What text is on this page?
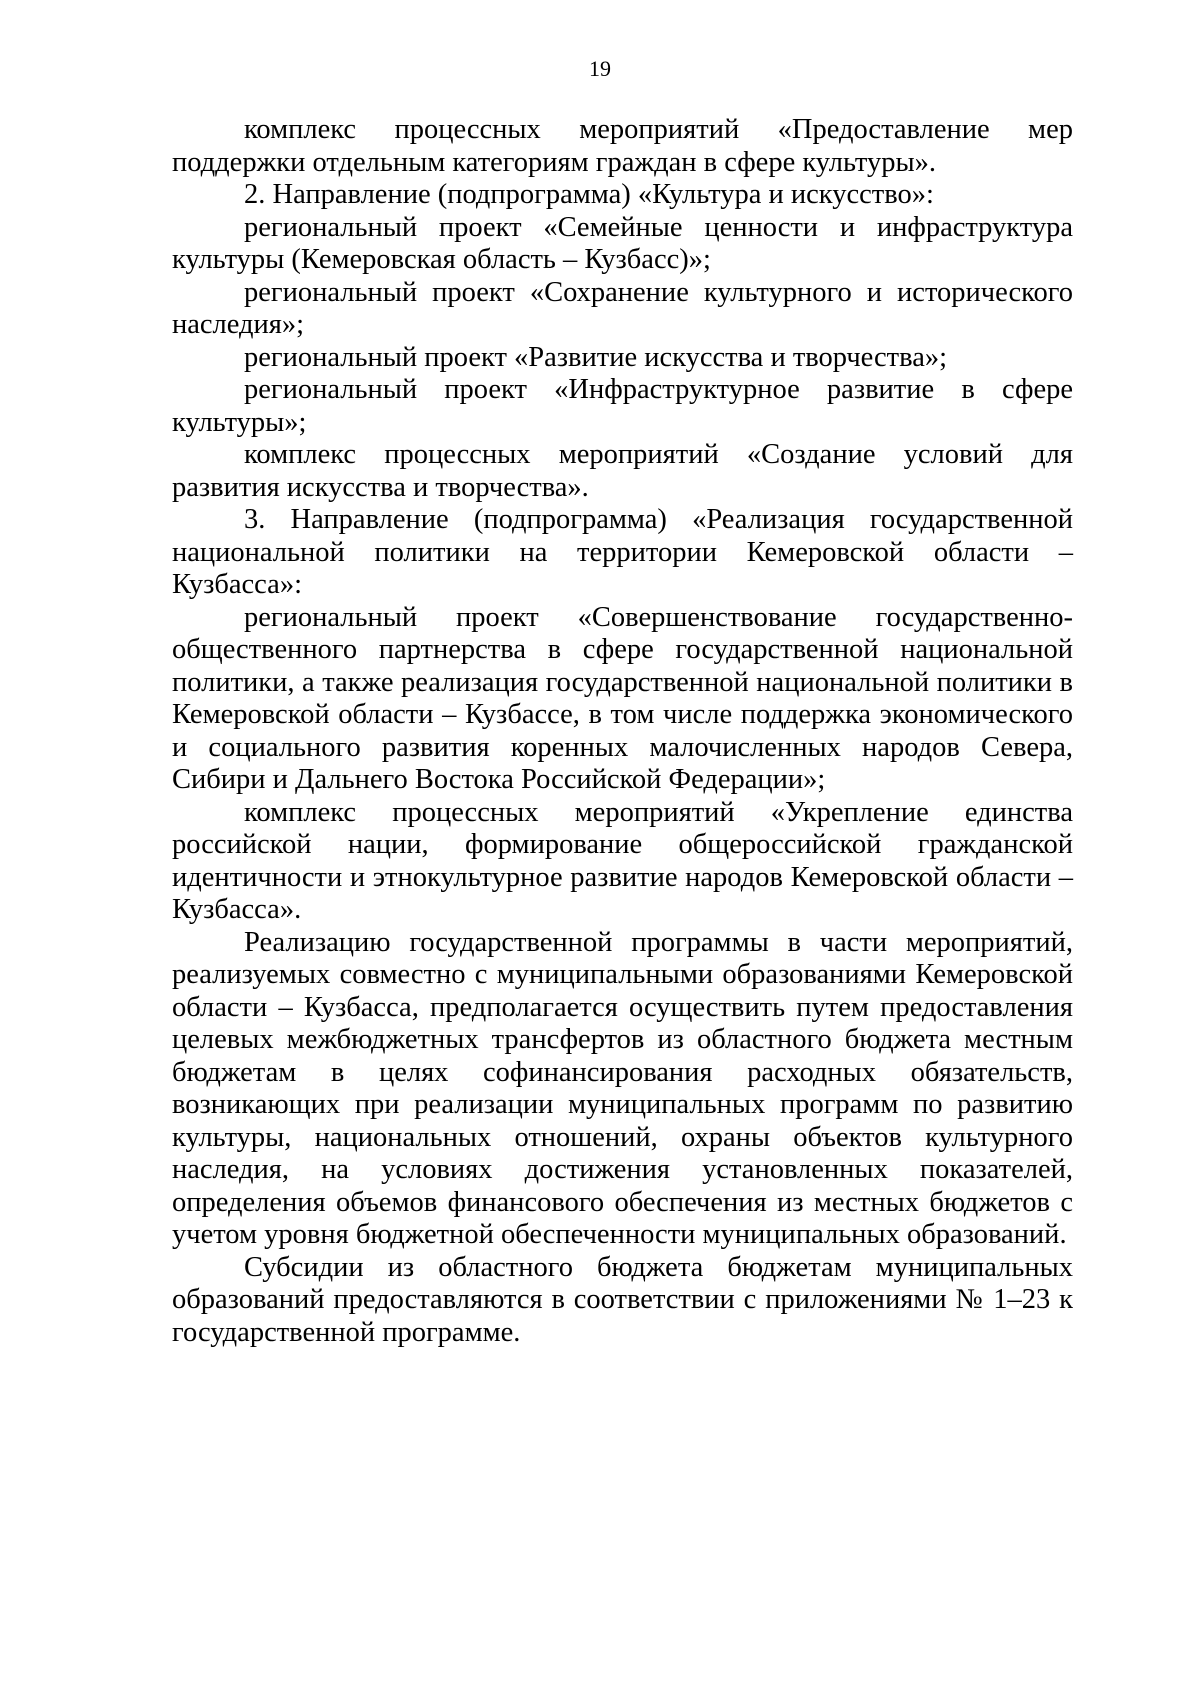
19

комплекс процессных мероприятий «Предоставление мер поддержки отдельным категориям граждан в сфере культуры».

2. Направление (подпрограмма) «Культура и искусство»:

региональный проект «Семейные ценности и инфраструктура культуры (Кемеровская область – Кузбасс)»;

региональный проект «Сохранение культурного и исторического наследия»;

региональный проект «Развитие искусства и творчества»;

региональный проект «Инфраструктурное развитие в сфере культуры»;

комплекс процессных мероприятий «Создание условий для развития искусства и творчества».

3. Направление (подпрограмма) «Реализация государственной национальной политики на территории Кемеровской области – Кузбасса»:

региональный проект «Совершенствование государственно-общественного партнерства в сфере государственной национальной политики, а также реализация государственной национальной политики в Кемеровской области – Кузбассе, в том числе поддержка экономического и социального развития коренных малочисленных народов Севера, Сибири и Дальнего Востока Российской Федерации»;

комплекс процессных мероприятий «Укрепление единства российской нации, формирование общероссийской гражданской идентичности и этнокультурное развитие народов Кемеровской области – Кузбасса».

Реализацию государственной программы в части мероприятий, реализуемых совместно с муниципальными образованиями Кемеровской области – Кузбасса, предполагается осуществить путем предоставления целевых межбюджетных трансфертов из областного бюджета местным бюджетам в целях софинансирования расходных обязательств, возникающих при реализации муниципальных программ по развитию культуры, национальных отношений, охраны объектов культурного наследия, на условиях достижения установленных показателей, определения объемов финансового обеспечения из местных бюджетов с учетом уровня бюджетной обеспеченности муниципальных образований.

Субсидии из областного бюджета бюджетам муниципальных образований предоставляются в соответствии с приложениями № 1–23 к государственной программе.
